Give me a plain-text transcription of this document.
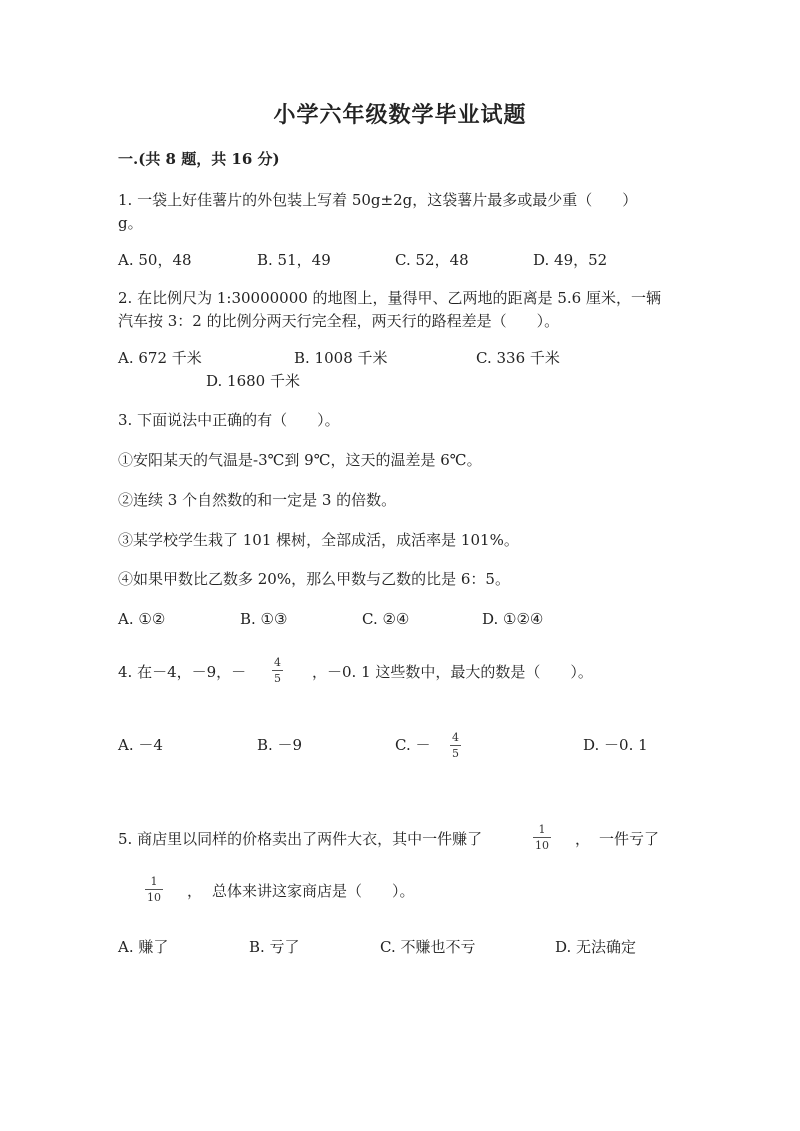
小学六年级数学毕业试题
一.(共 8 题，共 16 分)
1. 一袋上好佳薯片的外包装上写着 50g±2g，这袋薯片最多或最少重（　　）
g。
A. 50，48	B. 51，49	C. 52，48	D. 49，52
2. 在比例尺为 1:30000000 的地图上，量得甲、乙两地的距离是 5.6 厘米，一辆
汽车按 3：2 的比例分两天行完全程，两天行的路程差是（　　）。
A. 672 千米	B. 1008 千米	C. 336 千米
D. 1680 千米
3. 下面说法中正确的有（　　）。
①安阳某天的气温是-3℃到 9℃，这天的温差是 6℃。
②连续 3 个自然数的和一定是 3 的倍数。
③某学校学生栽了 101 棵树，全部成活，成活率是 101%。
④如果甲数比乙数多 20%，那么甲数与乙数的比是 6：5。
A. ①②	B. ①③	C. ②④	D. ①②④
4. 在－4，－9，－
4
5 ，－0. 1 这些数中，最大的数是（　　）。
A. －4	B. －9	C. － 4
5	D. －0. 1
5. 商店里以同样的价格卖出了两件大衣，其中一件赚了
1
10 ， 一件亏了
1
10 ， 总体来讲这家商店是（　　）。
A. 赚了	B. 亏了	C. 不赚也不亏	D. 无法确定
